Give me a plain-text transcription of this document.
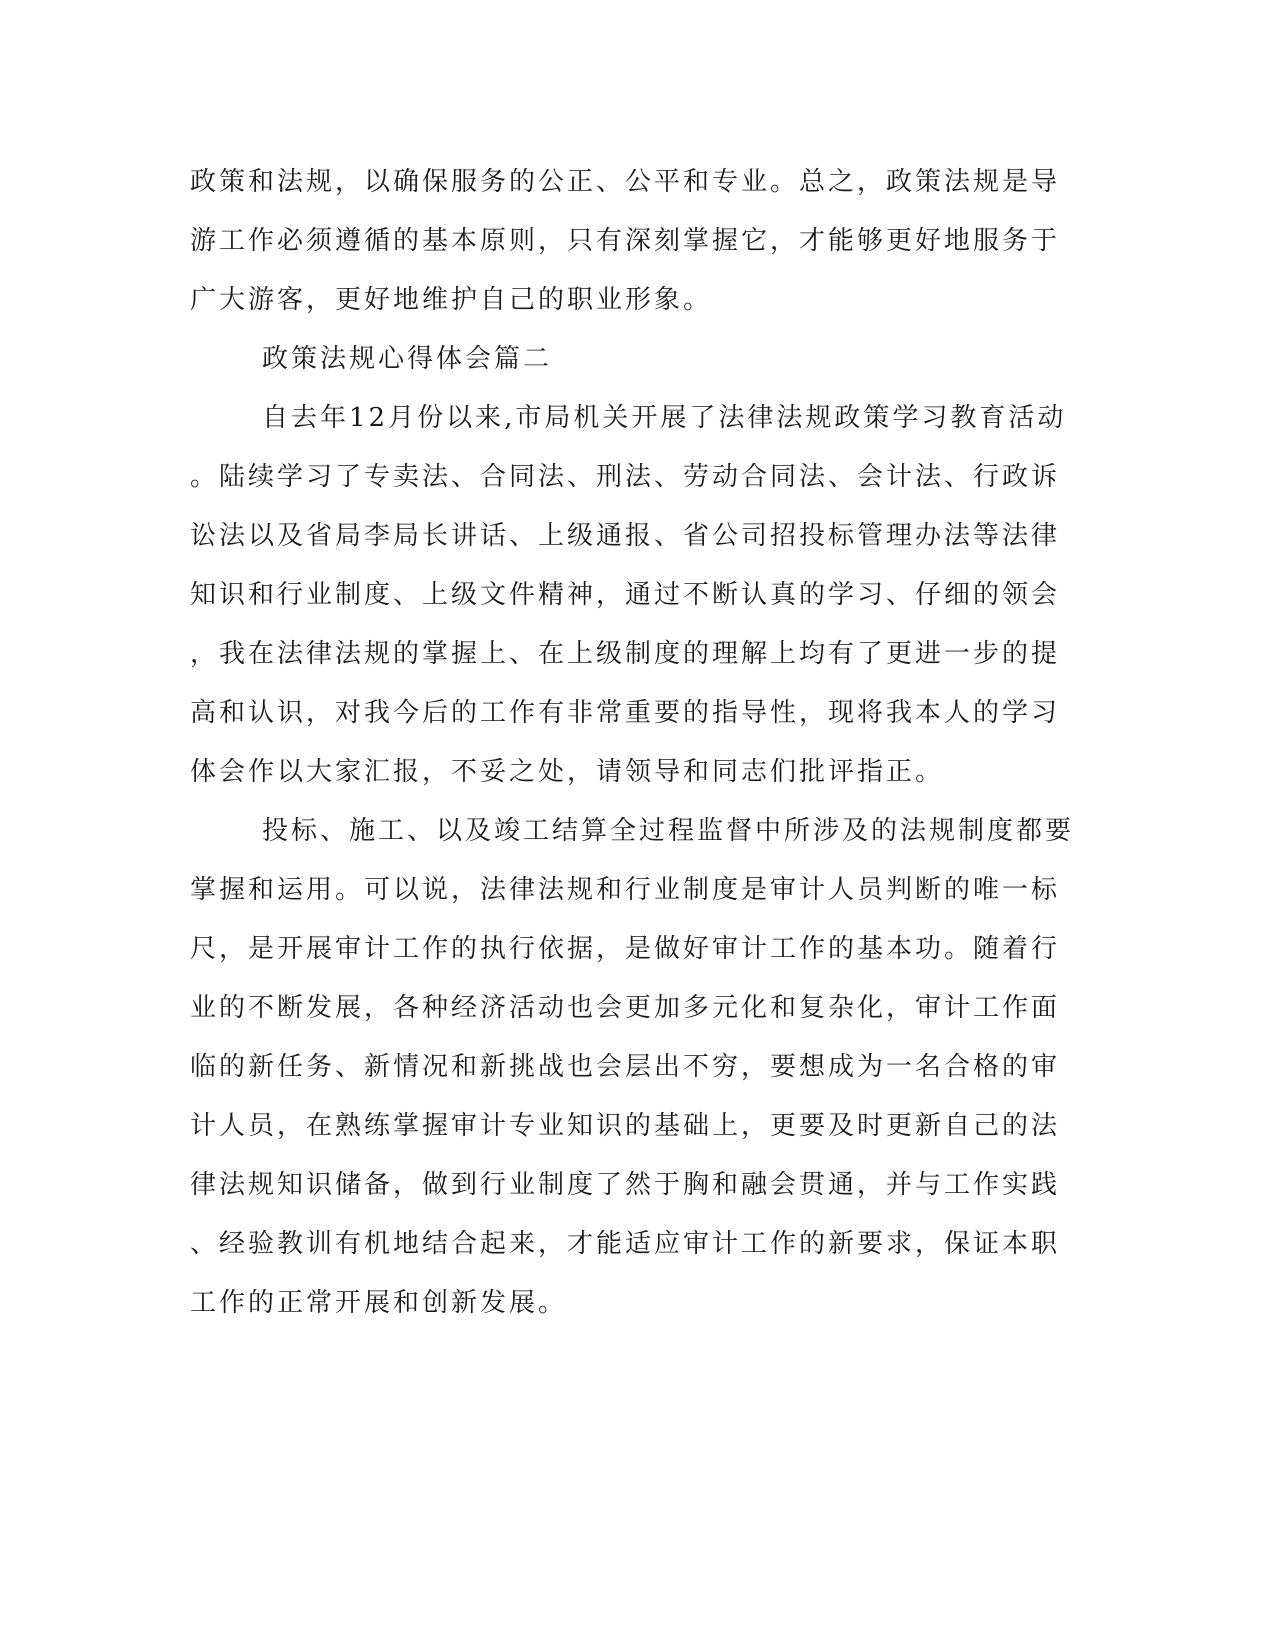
政策和法规，以确保服务的公正、公平和专业。总之，政策法规是导
游工作必须遵循的基本原则，只有深刻掌握它，才能够更好地服务于
广大游客，更好地维护自己的职业形象。
政策法规心得体会篇二
自去年12月份以来,市局机关开展了法律法规政策学习教育活动
。陆续学习了专卖法、合同法、刑法、劳动合同法、会计法、行政诉
讼法以及省局李局长讲话、上级通报、省公司招投标管理办法等法律
知识和行业制度、上级文件精神，通过不断认真的学习、仔细的领会
，我在法律法规的掌握上、在上级制度的理解上均有了更进一步的提
高和认识，对我今后的工作有非常重要的指导性，现将我本人的学习
体会作以大家汇报，不妥之处，请领导和同志们批评指正。
投标、施工、以及竣工结算全过程监督中所涉及的法规制度都要
掌握和运用。可以说，法律法规和行业制度是审计人员判断的唯一标
尺，是开展审计工作的执行依据，是做好审计工作的基本功。随着行
业的不断发展，各种经济活动也会更加多元化和复杂化，审计工作面
临的新任务、新情况和新挑战也会层出不穷，要想成为一名合格的审
计人员，在熟练掌握审计专业知识的基础上，更要及时更新自己的法
律法规知识储备，做到行业制度了然于胸和融会贯通，并与工作实践
、经验教训有机地结合起来，才能适应审计工作的新要求，保证本职
工作的正常开展和创新发展。
